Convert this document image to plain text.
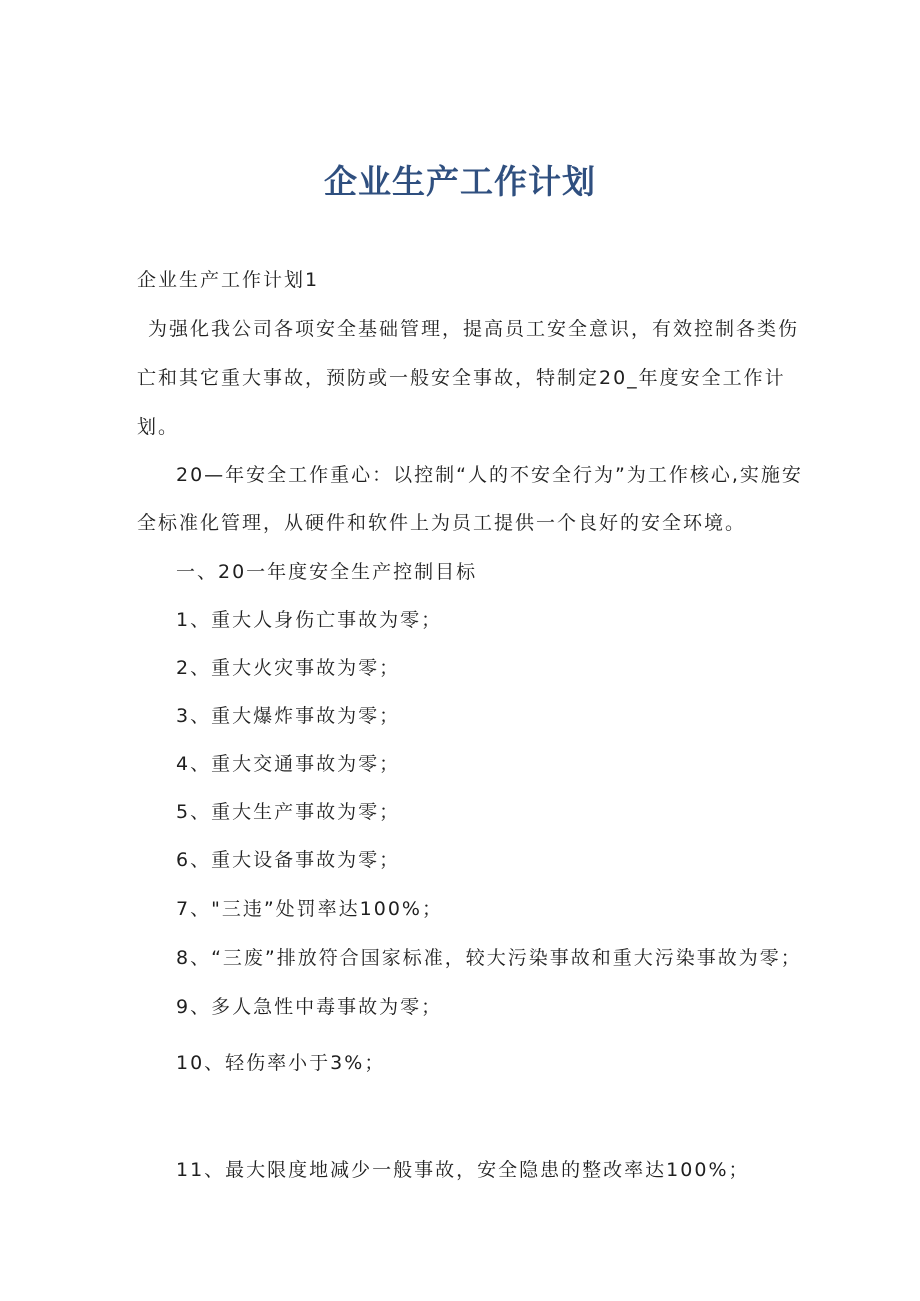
企业生产工作计划
企业生产工作计划1
为强化我公司各项安全基础管理，提高员工安全意识，有效控制各类伤
亡和其它重大事故，预防或一般安全事故，特制定20_年度安全工作计
划。
20—年安全工作重心：以控制“人的不安全行为”为工作核心,实施安
全标准化管理，从硬件和软件上为员工提供一个良好的安全环境。
一、20一年度安全生产控制目标
1、重大人身伤亡事故为零；
2、重大火灾事故为零；
3、重大爆炸事故为零；
4、重大交通事故为零；
5、重大生产事故为零；
6、重大设备事故为零；
7、"三违”处罚率达100%；
8、“三废”排放符合国家标准，较大污染事故和重大污染事故为零；
9、多人急性中毒事故为零；
10、轻伤率小于3%；
11、最大限度地减少一般事故，安全隐患的整改率达100%；
